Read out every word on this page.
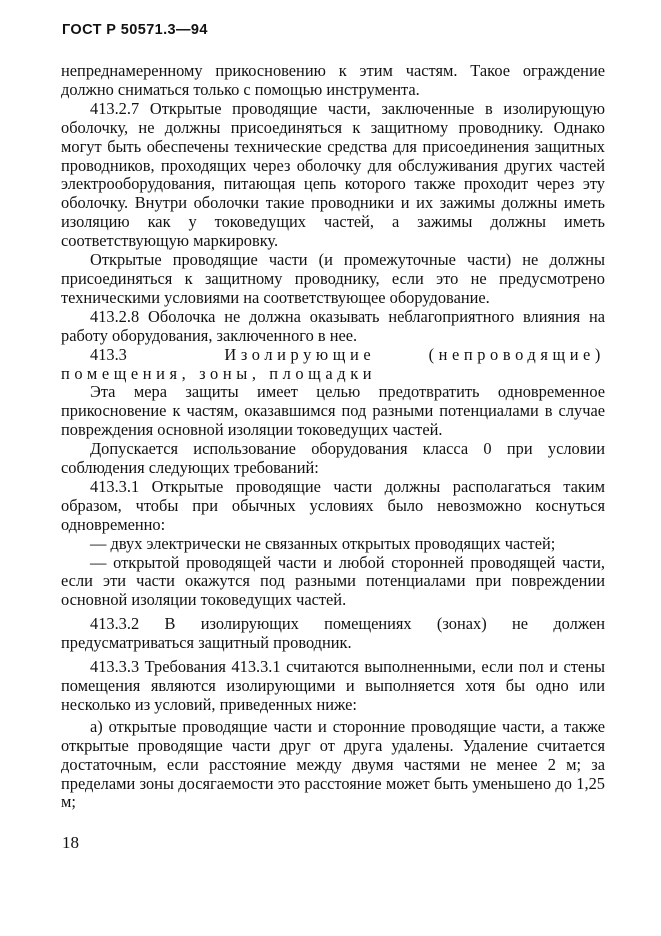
ГОСТ Р 50571.3—94

непреднамеренному прикосновению к этим частям. Такое ограждение должно сниматься только с помощью инструмента.

413.2.7 Открытые проводящие части, заключенные в изолирующую оболочку, не должны присоединяться к защитному проводнику. Однако могут быть обеспечены технические средства для присоединения защитных проводников, проходящих через оболочку для обслуживания других частей электрооборудования, питающая цепь которого также проходит через эту оболочку. Внутри оболочки такие проводники и их зажимы должны иметь изоляцию как у токоведущих частей, а зажимы должны иметь соответствующую маркировку.

Открытые проводящие части (и промежуточные части) не должны присоединяться к защитному проводнику, если это не предусмотрено техническими условиями на соответствующее оборудование.

413.2.8 Оболочка не должна оказывать неблагоприятного влияния на работу оборудования, заключенного в нее.

413.3	Изолирующие (непроводящие) помещения, зоны, площадки

Эта мера защиты имеет целью предотвратить одновременное прикосновение к частям, оказавшимся под разными потенциалами в случае повреждения основной изоляции токоведущих частей.

Допускается использование оборудования класса 0 при условии соблюдения следующих требований:

413.3.1 Открытые проводящие части должны располагаться таким образом, чтобы при обычных условиях было невозможно коснуться одновременно:

— двух электрически не связанных открытых проводящих частей;

— открытой проводящей части и любой сторонней проводящей части, если эти части окажутся под разными потенциалами при повреждении основной изоляции токоведущих частей.

413.3.2 В изолирующих помещениях (зонах) не должен предусматриваться защитный проводник.

413.3.3 Требования 413.3.1 считаются выполненными, если пол и стены помещения являются изолирующими и выполняется хотя бы одно или несколько из условий, приведенных ниже:

а) открытые проводящие части и сторонние проводящие части, а также открытые проводящие части друг от друга удалены. Удаление считается достаточным, если расстояние между двумя частями не менее 2 м; за пределами зоны досягаемости это расстояние может быть уменьшено до 1,25 м;

18
